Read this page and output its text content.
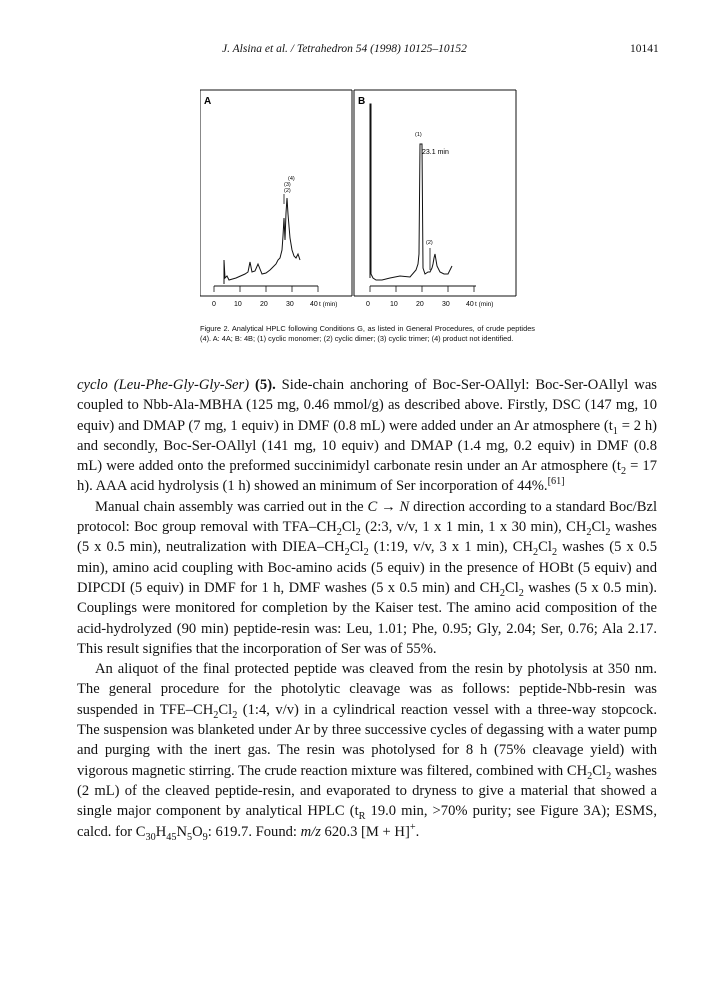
J. Alsina et al. / Tetrahedron 54 (1998) 10125–10152	10141
A
(4)
(3)
(2)
0	10	20	30 40 t (min)
B
(1)
23.1 min
(2)
0	10	20	30 40 t (min)
Figure 2. Analytical HPLC following Conditions G, as listed in General Procedures, of crude peptides (4). A: 4A; B: 4B; (1) cyclic monomer; (2) cyclic dimer; (3) cyclic trimer; (4) product not identified.

cyclo (Leu-Phe-Gly-Gly-Ser) (5). Side-chain anchoring of Boc-Ser-OAllyl: Boc-Ser-OAllyl was coupled to Nbb-Ala-MBHA (125 mg, 0.46 mmol/g) as described above. Firstly, DSC (147 mg, 10 equiv) and DMAP (7 mg, 1 equiv) in DMF (0.8 mL) were added under an Ar atmosphere ($t_1 = 2$ h) and secondly, Boc-Ser-OAllyl (141 mg, 10 equiv) and DMAP (1.4 mg, 0.2 equiv) in DMF (0.8 mL) were added onto the preformed succinimidyl carbonate resin under an Ar atmosphere ($t_2 = 17$ h). AAA acid hydrolysis (1 h) showed an minimum of Ser incorporation of 44%.[61]

Manual chain assembly was carried out in the C → N direction according to a standard Boc/Bzl protocol: Boc group removal with TFA–$CH_2Cl_2$ (2:3, v/v, 1 x 1 min, 1 x 30 min), $CH_2Cl_2$ washes (5 x 0.5 min), neutralization with DIEA–$CH_2Cl_2$ (1:19, v/v, 3 x 1 min), $CH_2Cl_2$ washes (5 x 0.5 min), amino acid coupling with Boc-amino acids (5 equiv) in the presence of HOBt (5 equiv) and DIPCDI (5 equiv) in DMF for 1 h, DMF washes (5 x 0.5 min) and $CH_2Cl_2$ washes (5 x 0.5 min). Couplings were monitored for completion by the Kaiser test. The amino acid composition of the acid-hydrolyzed (90 min) peptide-resin was: Leu, 1.01; Phe, 0.95; Gly, 2.04; Ser, 0.76; Ala 2.17. This result signifies that the incorporation of Ser was of 55%.

An aliquot of the final protected peptide was cleaved from the resin by photolysis at 350 nm. The general procedure for the photolytic cleavage was as follows: peptide-Nbb-resin was suspended in TFE–$CH_2Cl_2$ (1:4, v/v) in a cylindrical reaction vessel with a three-way stopcock. The suspension was blanketed under Ar by three successive cycles of degassing with a water pump and purging with the inert gas. The resin was photolysed for 8 h (75% cleavage yield) with vigorous magnetic stirring. The crude reaction mixture was filtered, combined with $CH_2Cl_2$ washes (2 mL) of the cleaved peptide-resin, and evaporated to dryness to give a material that showed a single major component by analytical HPLC ($t_R$ 19.0 min, >70% purity; see Figure 3A); ESMS, calcd. for $C_{30}H_{45}N_5O_9$: 619.7. Found: m/z 620.3 [M + H]+.
